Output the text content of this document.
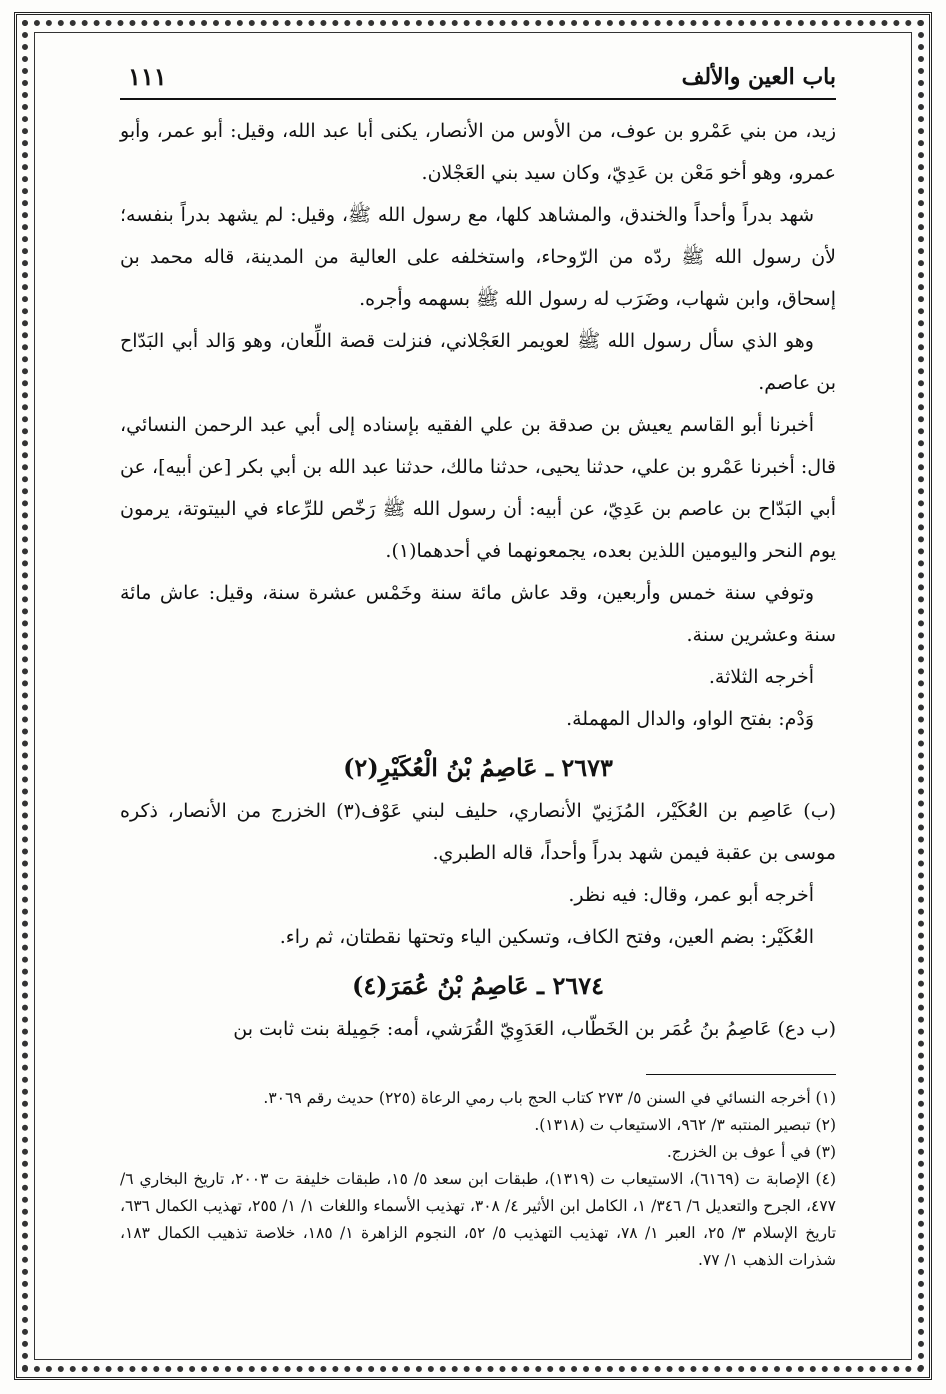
باب العين والألف
١١١

زيد، من بني عَمْرو بن عوف، من الأوس من الأنصار، يكنى أبا عبد الله، وقيل: أبو عمر، وأبو عمرو، وهو أخو مَعْن بن عَدِيّ، وكان سيد بني العَجْلان.

شهد بدراً وأحداً والخندق، والمشاهد كلها، مع رسول الله ﷺ، وقيل: لم يشهد بدراً بنفسه؛ لأن رسول الله ﷺ ردّه من الرّوحاء، واستخلفه على العالية من المدينة، قاله محمد بن إسحاق، وابن شهاب، وضَرَب له رسول الله ﷺ بسهمه وأجره.

وهو الذي سأل رسول الله ﷺ لعويمر العَجْلاني، فنزلت قصة اللِّعان، وهو وَالد أبي البَدّاح بن عاصم.

أخبرنا أبو القاسم يعيش بن صدقة بن علي الفقيه بإسناده إلى أبي عبد الرحمن النسائي، قال: أخبرنا عَمْرو بن علي، حدثنا يحيى، حدثنا مالك، حدثنا عبد الله بن أبي بكر [عن أبيه]، عن أبي البَدّاح بن عاصم بن عَدِيّ، عن أبيه: أن رسول الله ﷺ رَخّص للرِّعاء في البيتوتة، يرمون يوم النحر واليومين اللذين بعده، يجمعونهما في أحدهما(١).

وتوفي سنة خمس وأربعين، وقد عاش مائة سنة وخَمْس عشرة سنة، وقيل: عاش مائة سنة وعشرين سنة.

أخرجه الثلاثة.

وَدْم: بفتح الواو، والدال المهملة.

٢٦٧٣ ـ عَاصِمُ بْنُ الْعُكَيْرِ(٢)

(ب) عَاصِم بن العُكَيْر، المُزَنِيّ الأنصاري، حليف لبني عَوْف(٣) الخزرج من الأنصار، ذكره موسى بن عقبة فيمن شهد بدراً وأحداً، قاله الطبري.

أخرجه أبو عمر، وقال: فيه نظر.

العُكَيْر: بضم العين، وفتح الكاف، وتسكين الياء وتحتها نقطتان، ثم راء.

٢٦٧٤ ـ عَاصِمُ بْنُ عُمَرَ(٤)

(ب دع) عَاصِمُ بنُ عُمَر بن الخَطّاب، العَدَوِيّ القُرَشي، أمه: جَمِيلة بنت ثابت بن

(١) أخرجه النسائي في السنن ٥/ ٢٧٣ كتاب الحج باب رمي الرعاة (٢٢٥) حديث رقم ٣٠٦٩.

(٢) تبصير المنتبه ٣/ ٩٦٢، الاستيعاب ت (١٣١٨).

(٣) في أ عوف بن الخزرج.

(٤) الإصابة ت (٦١٦٩)، الاستيعاب ت (١٣١٩)، طبقات ابن سعد ٥/ ١٥، طبقات خليفة ت ٢٠٠٣، تاريخ البخاري ٦/ ٤٧٧، الجرح والتعديل ٦/ ٣٤٦/ ١، الكامل ابن الأثير ٤/ ٣٠٨، تهذيب الأسماء واللغات ١/ ١/ ٢٥٥، تهذيب الكمال ٦٣٦، تاريخ الإسلام ٣/ ٢٥، العبر ١/ ٧٨، تهذيب التهذيب ٥/ ٥٢، النجوم الزاهرة ١/ ١٨٥، خلاصة تذهيب الكمال ١٨٣، شذرات الذهب ١/ ٧٧.
